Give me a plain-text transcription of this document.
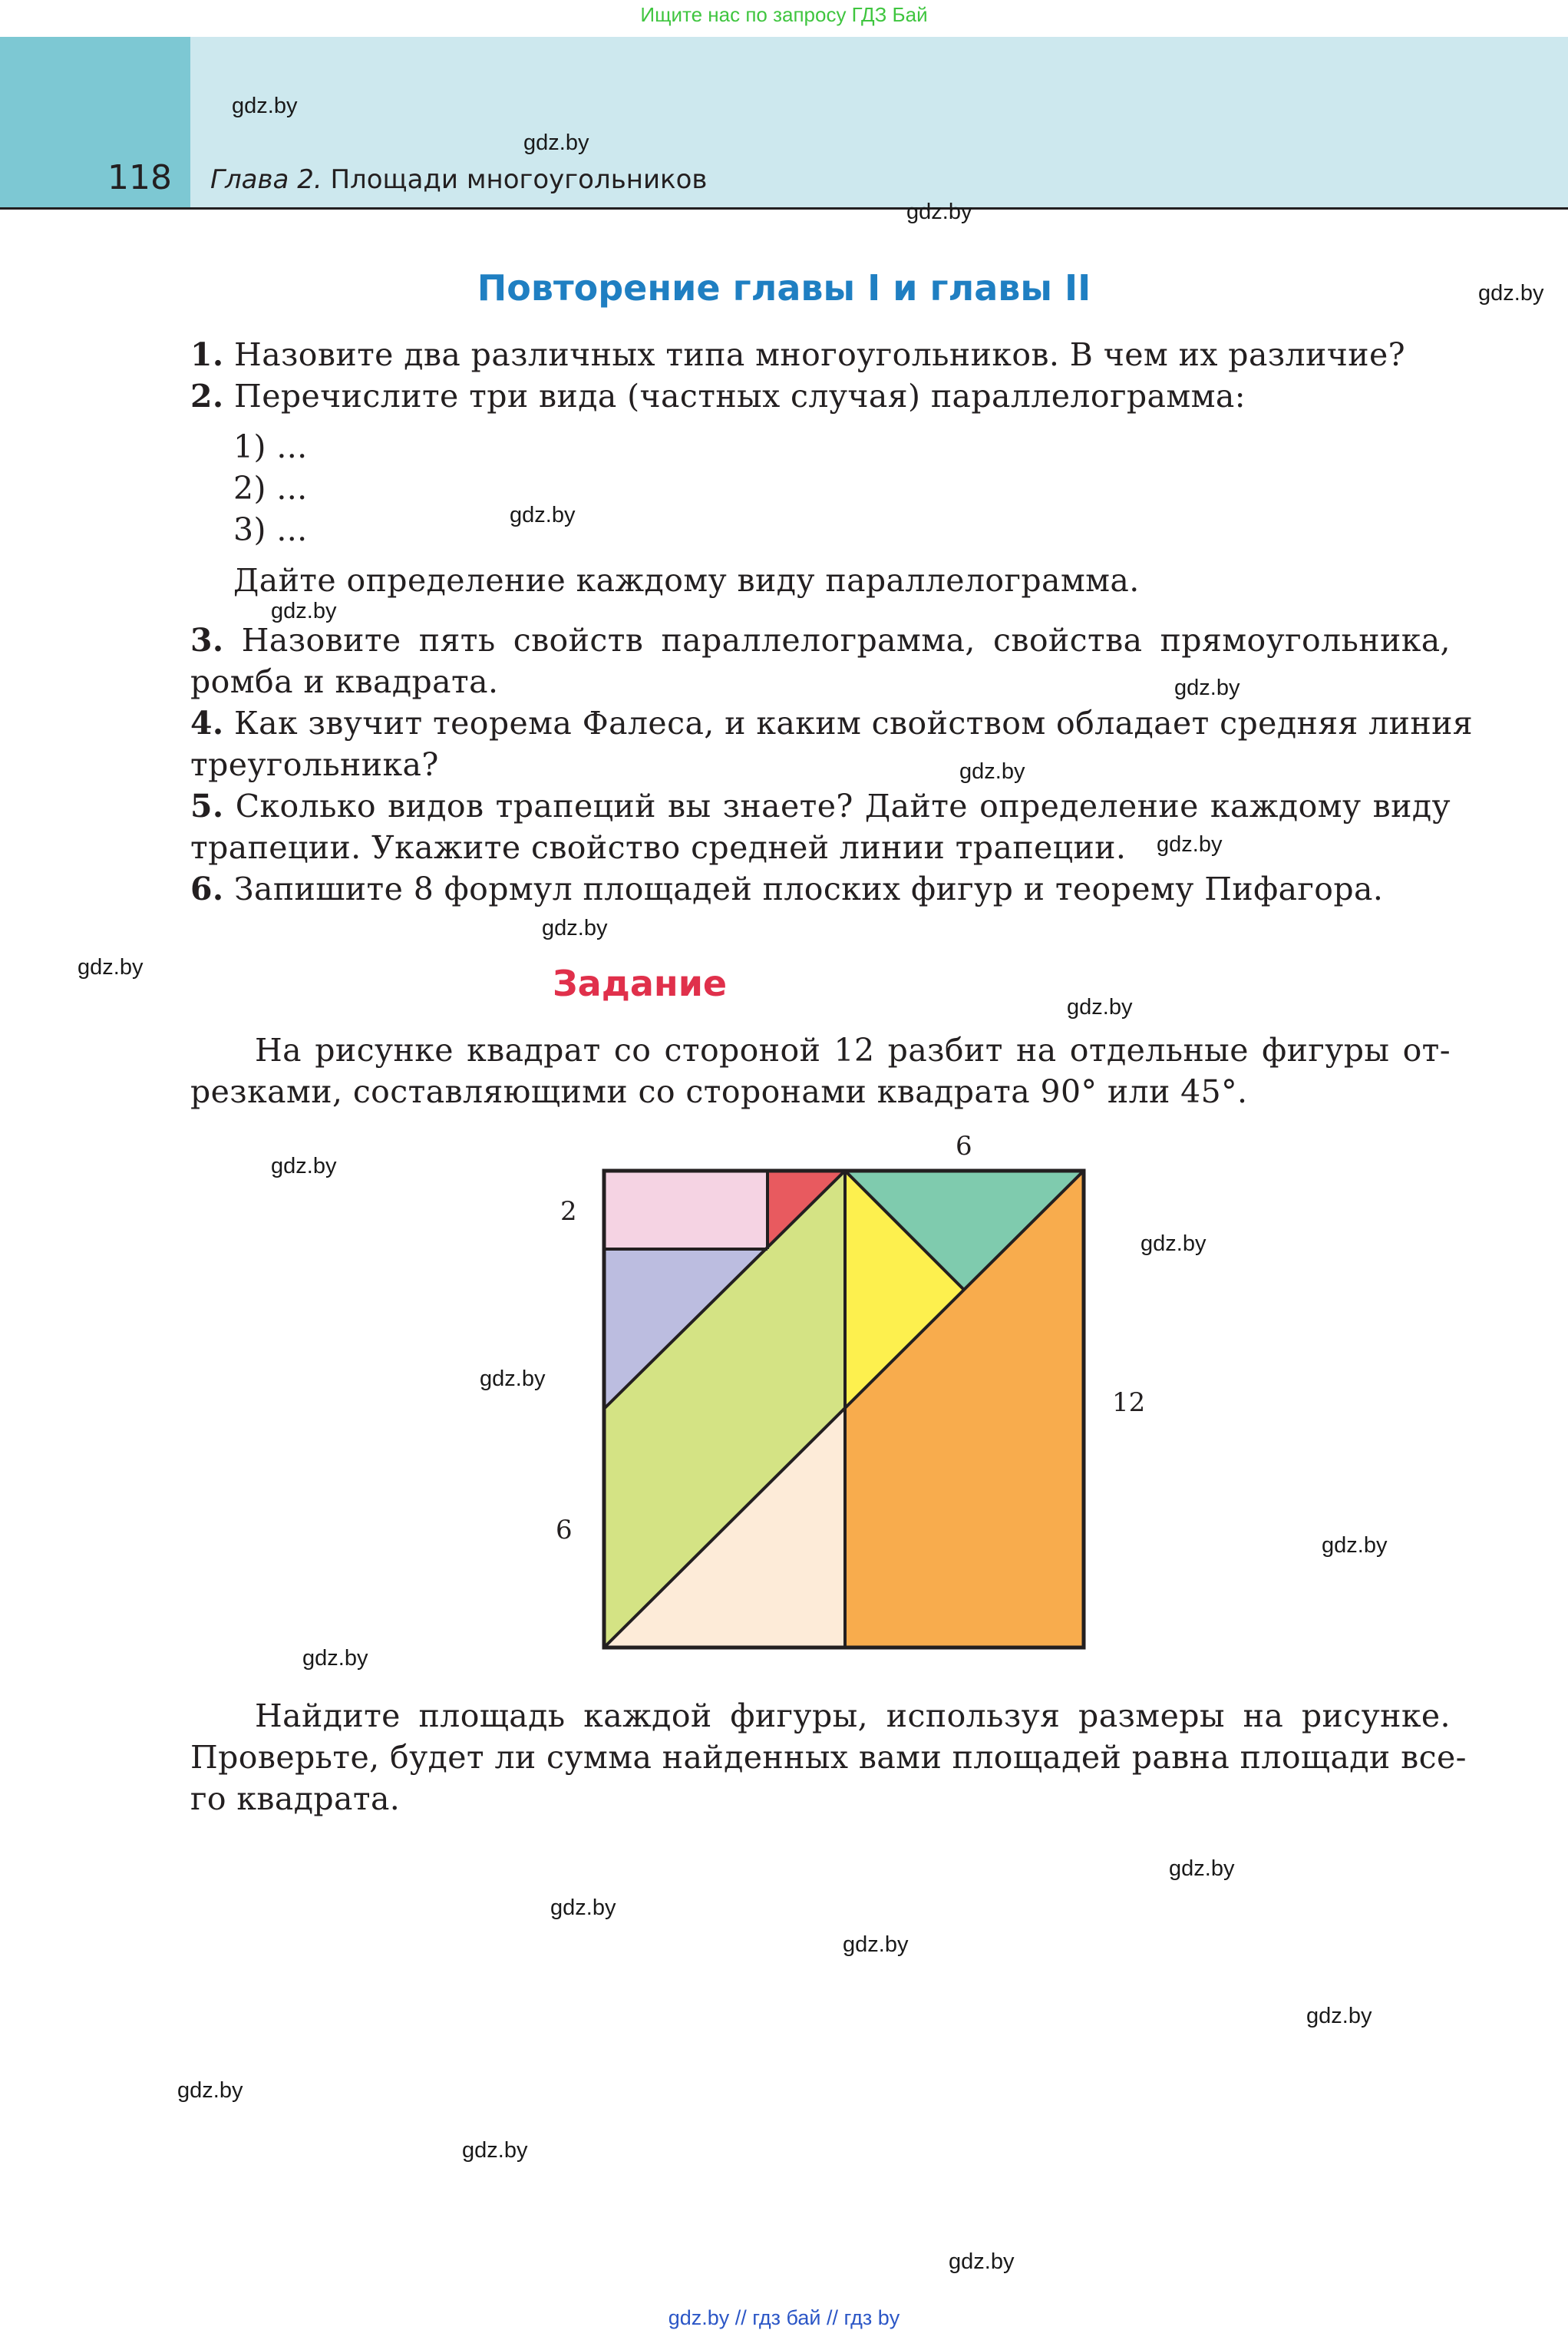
Ищите нас по запросу ГДЗ Бай
118 Глава 2. Площади многоугольников
Повторение главы I и главы II
1. Назовите два различных типа многоугольников. В чем их различие?
2. Перечислите три вида (частных случая) параллелограмма:
1) ...
2) ...
3) ...
Дайте определение каждому виду параллелограмма.
3. Назовите пять свойств параллелограмма, свойства прямоугольника,
ромба и квадрата.
4. Как звучит теорема Фалеса, и каким свойством обладает средняя линия
треугольника?
5. Сколько видов трапеций вы знаете? Дайте определение каждому виду
трапеции. Укажите свойство средней линии трапеции.
6. Запишите 8 формул площадей плоских фигур и теорему Пифагора.
Задание
На рисунке квадрат со стороной 12 разбит на отдельные фигуры от-
резками, составляющими со сторонами квадрата 90° или 45°.
6
2
12
6
Найдите площадь каждой фигуры, используя размеры на рисунке.
Проверьте, будет ли сумма найденных вами площадей равна площади все-
го квадрата.
gdz.by
gdz.by
gdz.by
gdz.by
gdz.by
gdz.by
gdz.by
gdz.by
gdz.by
gdz.by
gdz.by
gdz.by
gdz.by
gdz.by
gdz.by
gdz.by
gdz.by
gdz.by
gdz.by
gdz.by
gdz.by
gdz.by
gdz.by
gdz.by
gdz.by // гдз бай // гдз by
